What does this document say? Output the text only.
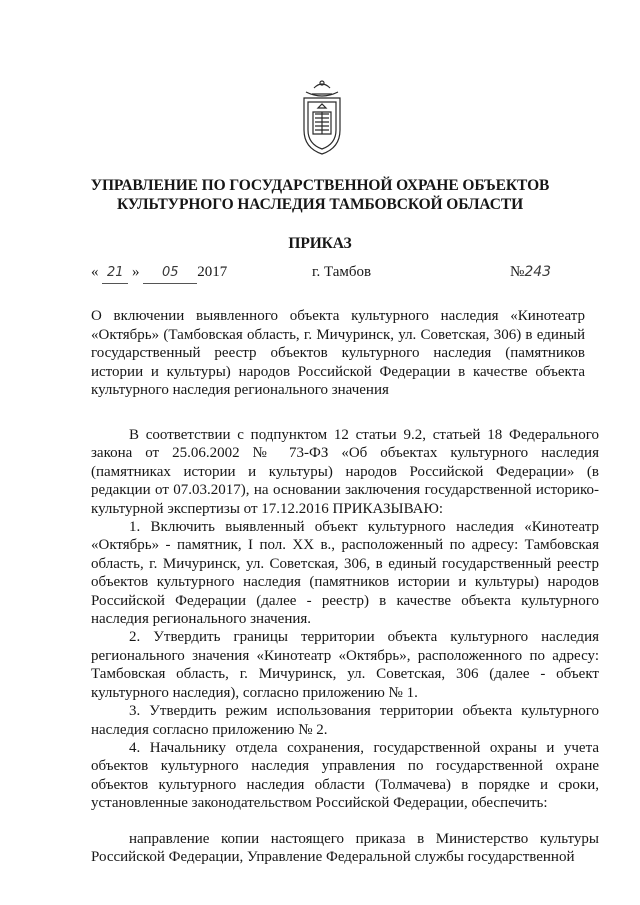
УПРАВЛЕНИЕ ПО ГОСУДАРСТВЕННОЙ ОХРАНЕ ОБЪЕКТОВ
КУЛЬТУРНОГО НАСЛЕДИЯ ТАМБОВСКОЙ ОБЛАСТИ
ПРИКАЗ
« 21 » 05 2017	г. Тамбов	№243
О включении выявленного объекта культурного наследия «Кинотеатр «Октябрь» (Тамбовская область, г. Мичуринск, ул. Советская, 306) в единый государственный реестр объектов культурного наследия (памятников истории и культуры) народов Российской Федерации в качестве объекта культурного наследия регионального значения

В соответствии с подпунктом 12 статьи 9.2, статьей 18 Федерального закона от 25.06.2002 № 73-ФЗ «Об объектах культурного наследия (памятниках истории и культуры) народов Российской Федерации» (в редакции от 07.03.2017), на основании заключения государственной историко-культурной экспертизы от 17.12.2016 ПРИКАЗЫВАЮ:

1. Включить выявленный объект культурного наследия «Кинотеатр «Октябрь» - памятник, I пол. XX в., расположенный по адресу: Тамбовская область, г. Мичуринск, ул. Советская, 306, в единый государственный реестр объектов культурного наследия (памятников истории и культуры) народов Российской Федерации (далее - реестр) в качестве объекта культурного наследия регионального значения.

2. Утвердить границы территории объекта культурного наследия регионального значения «Кинотеатр «Октябрь», расположенного по адресу: Тамбовская область, г. Мичуринск, ул. Советская, 306 (далее - объект культурного наследия), согласно приложению № 1.

3. Утвердить режим использования территории объекта культурного наследия согласно приложению № 2.

4. Начальнику отдела сохранения, государственной охраны и учета объектов культурного наследия управления по государственной охране объектов культурного наследия области (Толмачева) в порядке и сроки, установленные законодательством Российской Федерации, обеспечить:

направление копии настоящего приказа в Министерство культуры Российской Федерации, Управление Федеральной службы государственной
